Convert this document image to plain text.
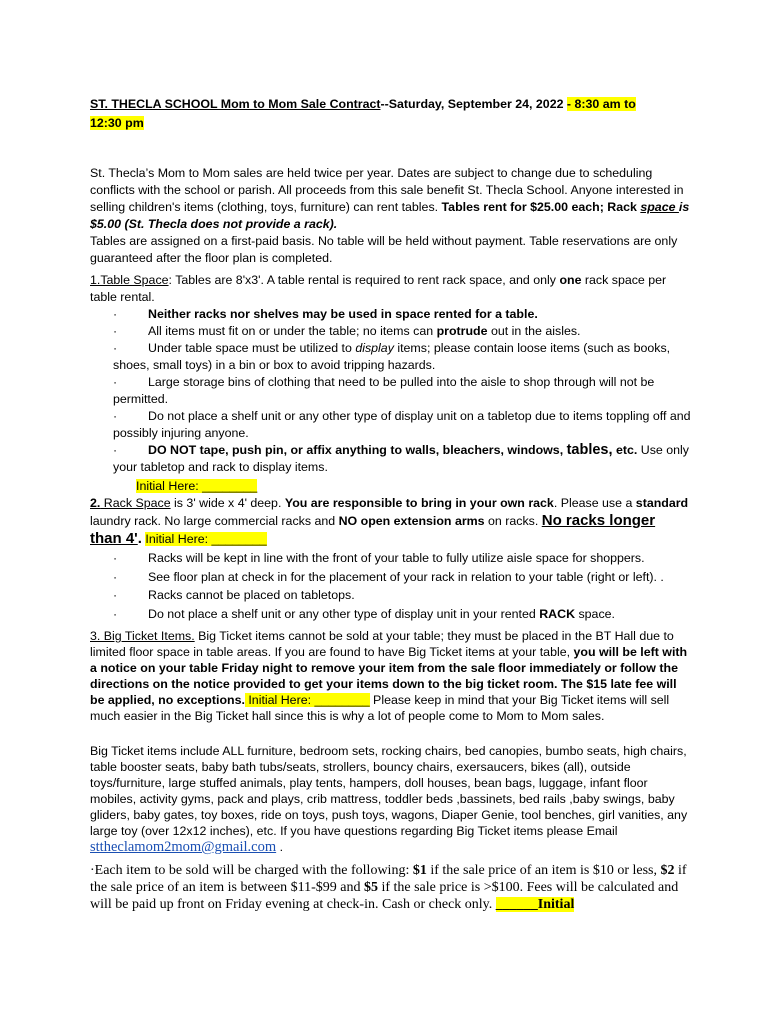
ST. THECLA SCHOOL Mom to Mom Sale Contract--Saturday, September 24, 2022 - 8:30 am to
12:30 pm
St. Thecla’s Mom to Mom sales are held twice per year. Dates are subject to change due to scheduling conflicts with the school or parish. All proceeds from this sale benefit St. Thecla School. Anyone interested in selling children's items (clothing, toys, furniture) can rent tables. Tables rent for $25.00 each; Rack space is $5.00 (St. Thecla does not provide a rack).
Tables are assigned on a first-paid basis. No table will be held without payment. Table reservations are only guaranteed after the floor plan is completed.
1.Table Space: Tables are 8'x3'. A table rental is required to rent rack space, and only one rack space per table rental.
·	Neither racks nor shelves may be used in space rented for a table.
·	All items must fit on or under the table; no items can protrude out in the aisles.
·	Under table space must be utilized to display items; please contain loose items (such as books, shoes, small toys) in a bin or box to avoid tripping hazards.
·	Large storage bins of clothing that need to be pulled into the aisle to shop through will not be permitted.
·	Do not place a shelf unit or any other type of display unit on a tabletop due to items toppling off and possibly injuring anyone.
·	DO NOT tape, push pin, or affix anything to walls, bleachers, windows, tables, etc. Use only your tabletop and rack to display items.
Initial Here: ________
2. Rack Space is 3' wide x 4' deep. You are responsible to bring in your own rack. Please use a standard laundry rack. No large commercial racks and NO open extension arms on racks. No racks longer than 4'. Initial Here: ________
·	Racks will be kept in line with the front of your table to fully utilize aisle space for shoppers.
·	See floor plan at check in for the placement of your rack in relation to your table (right or left). .
·	Racks cannot be placed on tabletops.
·	Do not place a shelf unit or any other type of display unit in your rented RACK space.
3. Big Ticket Items. Big Ticket items cannot be sold at your table; they must be placed in the BT Hall due to limited floor space in table areas. If you are found to have Big Ticket items at your table, you will be left with a notice on your table Friday night to remove your item from the sale floor immediately or follow the directions on the notice provided to get your items down to the big ticket room. The $15 late fee will be applied, no exceptions. Initial Here: ________ Please keep in mind that your Big Ticket items will sell much easier in the Big Ticket hall since this is why a lot of people come to Mom to Mom sales.
Big Ticket items include ALL furniture, bedroom sets, rocking chairs, bed canopies, bumbo seats, high chairs, table booster seats, baby bath tubs/seats, strollers, bouncy chairs, exersaucers, bikes (all), outside toys/furniture, large stuffed animals, play tents, hampers, doll houses, bean bags, luggage, infant floor mobiles, activity gyms, pack and plays, crib mattress, toddler beds ,bassinets, bed rails ,baby swings, baby gliders, baby gates, toy boxes, ride on toys, push toys, wagons, Diaper Genie, tool benches, girl vanities, any large toy (over 12x12 inches), etc. If you have questions regarding Big Ticket items please Email sttheclamom2mom@gmail.com .
·Each item to be sold will be charged with the following: $1 if the sale price of an item is $10 or less, $2 if the sale price of an item is between $11-$99 and $5 if the sale price is >$100. Fees will be calculated and will be paid up front on Friday evening at check-in. Cash or check only. ______Initial
